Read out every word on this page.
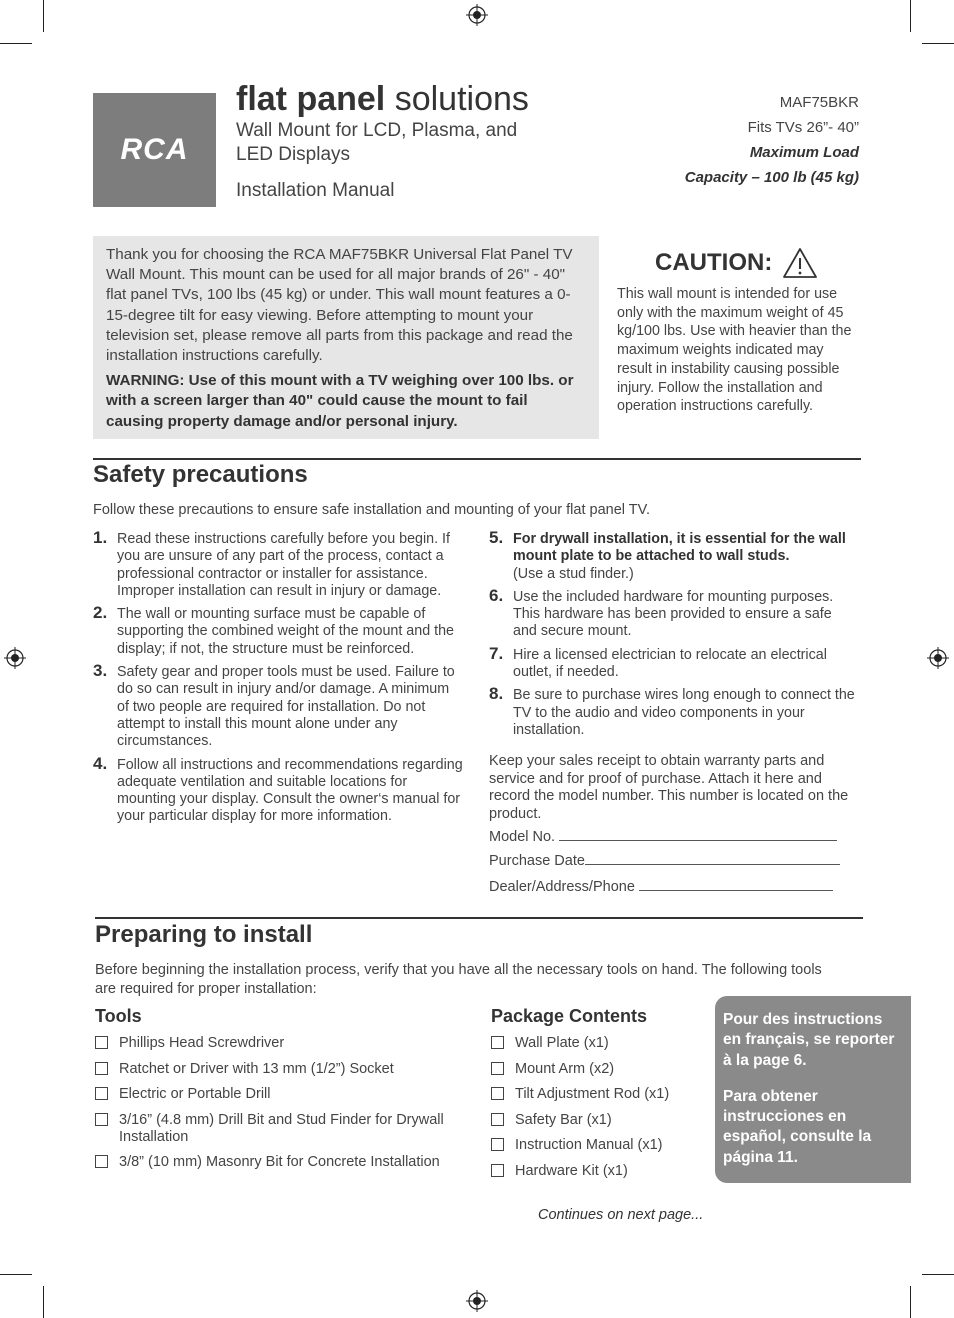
RCA
flat panel solutions
Wall Mount for LCD, Plasma, and LED Displays
Installation Manual
MAF75BKR
Fits TVs 26”- 40”
Maximum Load
Capacity – 100 lb (45 kg)

Thank you for choosing the RCA MAF75BKR Universal Flat Panel TV Wall Mount. This mount can be used for all major brands of 26" - 40" flat panel TVs, 100 lbs (45 kg) or under. This wall mount features a 0-15-degree tilt for easy viewing. Before attempting to mount your television set, please remove all parts from this package and read the installation instructions carefully.

WARNING: Use of this mount with a TV weighing over 100 lbs. or with a screen larger than 40" could cause the mount to fail causing property damage and/or personal injury.

CAUTION:
This wall mount is intended for use only with the maximum weight of 45 kg/100 lbs. Use with heavier than the maximum weights indicated may result in instability causing possible injury. Follow the installation and operation instructions carefully.
Safety precautions
Follow these precautions to ensure safe installation and mounting of your flat panel TV.
1. Read these instructions carefully before you begin. If you are unsure of any part of the process, contact a professional contractor or installer for assistance. Improper installation can result in injury or damage.
2. The wall or mounting surface must be capable of supporting the combined weight of the mount and the display; if not, the structure must be reinforced.
3. Safety gear and proper tools must be used. Failure to do so can result in injury and/or damage. A minimum of two people are required for installation. Do not attempt to install this mount alone under any circumstances.
4. Follow all instructions and recommendations regarding adequate ventilation and suitable locations for mounting your display. Consult the owner‘s manual for your particular display for more information.
5. For drywall installation, it is essential for the wall mount plate to be attached to wall studs.
(Use a stud finder.)
6. Use the included hardware for mounting purposes. This hardware has been provided to ensure a safe and secure mount.
7. Hire a licensed electrician to relocate an electrical outlet, if needed.
8. Be sure to purchase wires long enough to connect the TV to the audio and video components in your installation.
Keep your sales receipt to obtain warranty parts and service and for proof of purchase. Attach it here and record the model number. This number is located on the product.
Model No.
Purchase Date
Dealer/Address/Phone
Preparing to install
Before beginning the installation process, verify that you have all the necessary tools on hand. The following tools are required for proper installation:
Tools
Phillips Head Screwdriver
Ratchet or Driver with 13 mm (1/2”) Socket
Electric or Portable Drill
3/16” (4.8 mm) Drill Bit and Stud Finder for Drywall Installation
3/8” (10 mm) Masonry Bit for Concrete Installation
Package Contents
Wall Plate (x1)
Mount Arm (x2)
Tilt Adjustment Rod (x1)
Safety Bar (x1)
Instruction Manual (x1)
Hardware Kit (x1)

Pour des instructions en français, se reporter à la page 6.

Para obtener instrucciones en español, consulte la página 11.

Continues on next page...
